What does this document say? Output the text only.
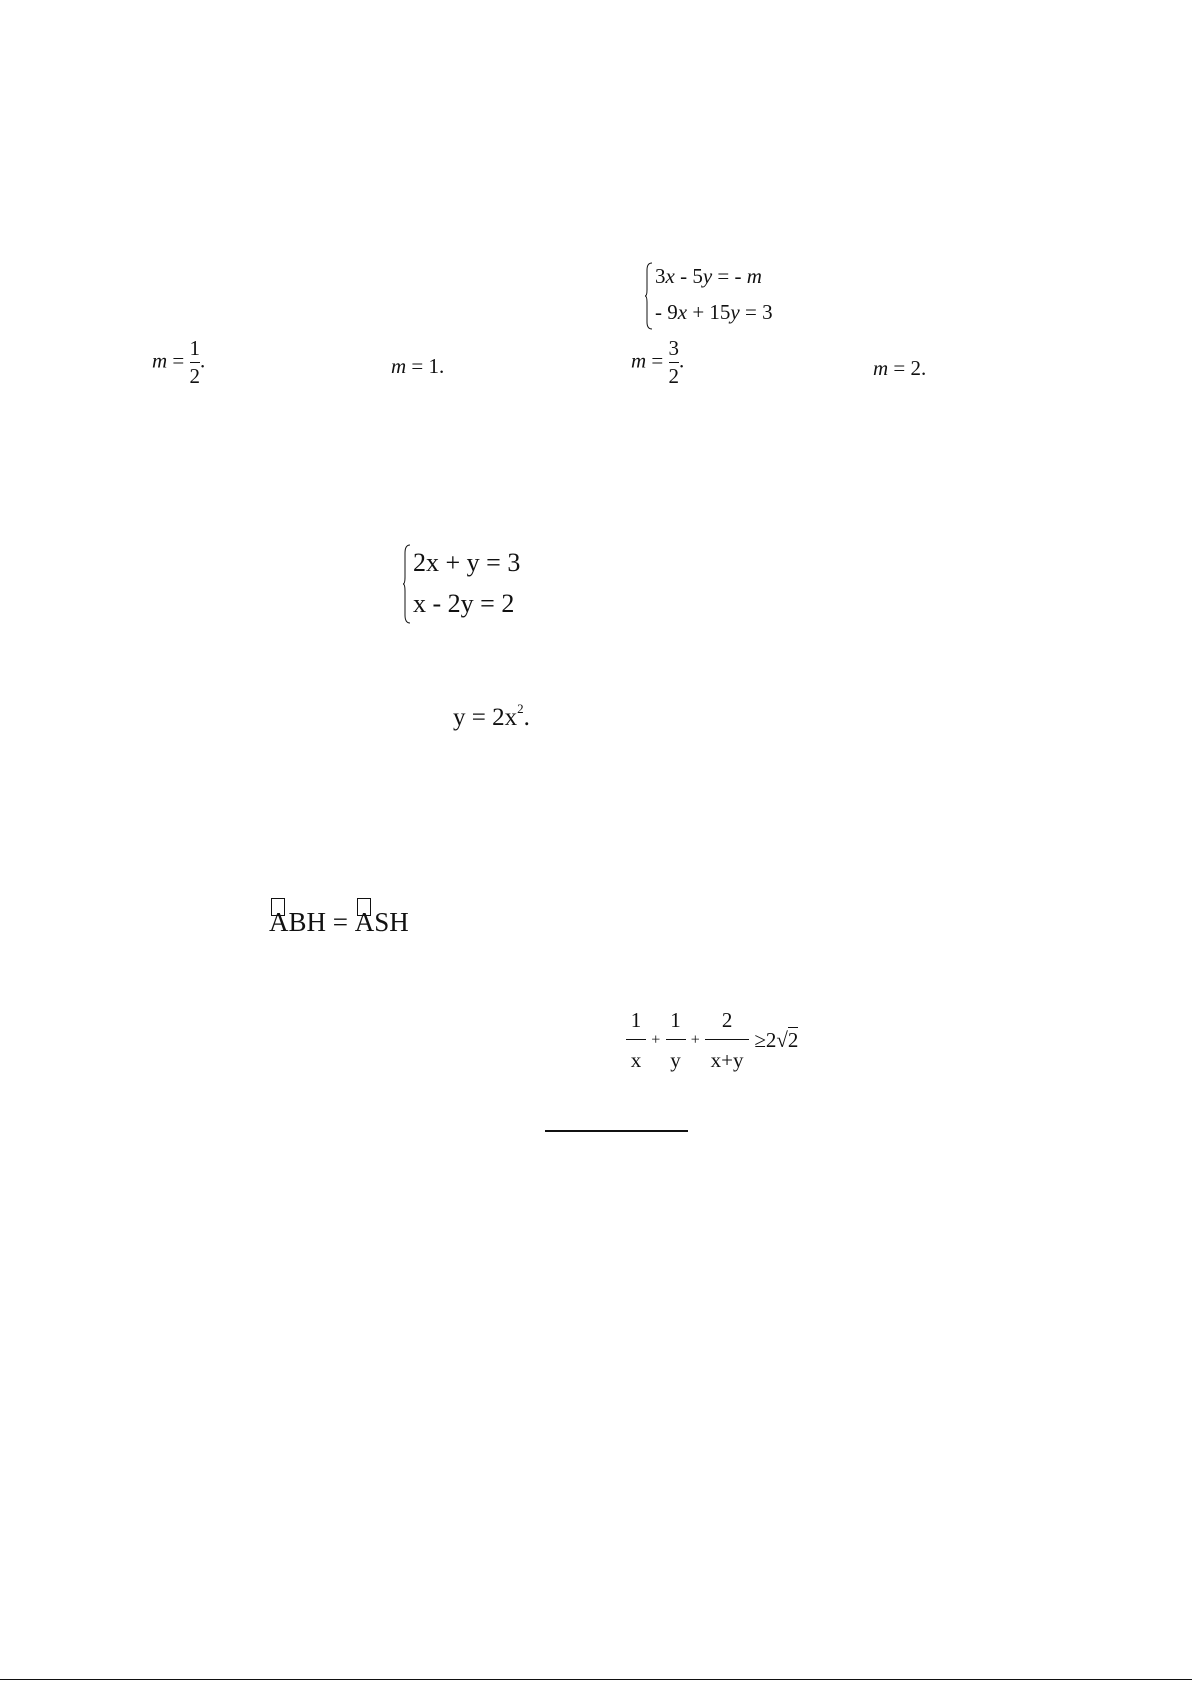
3x - 5y = - m
- 9x + 15y = 3
$m = \frac{1}{2}$ .	m = 1.	$m = \frac{3}{2}$ .	m = 2.
2x + y = 3
x - 2y = 2
$y = 2x^2$.
ABH =
ASH
$\frac{1}{x} + \frac{1}{y} + \frac{2}{x+y} \ge 2√2$
